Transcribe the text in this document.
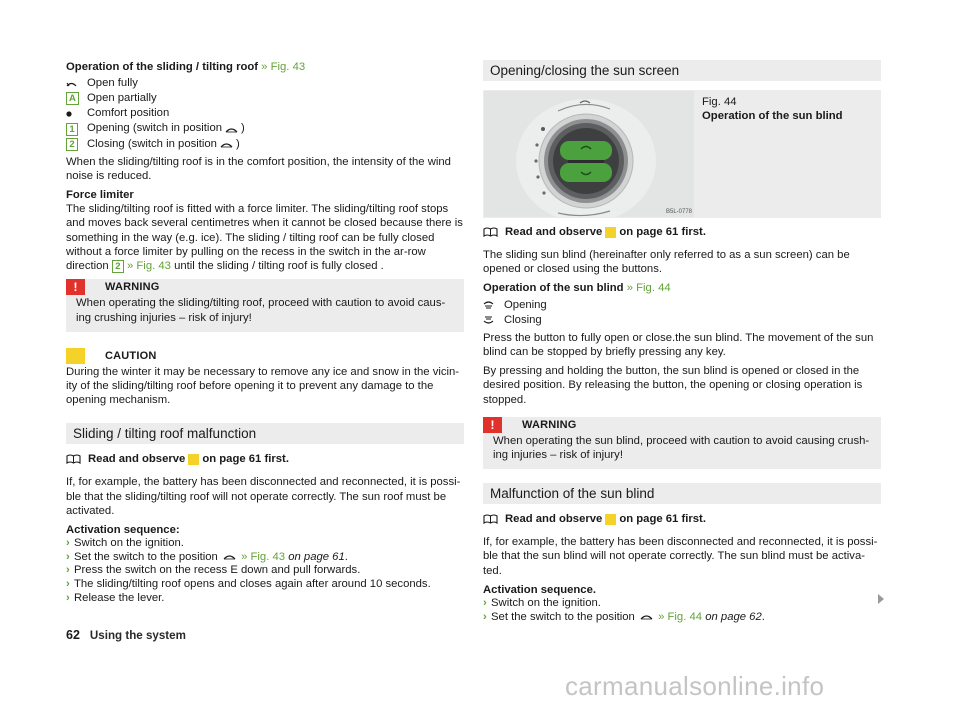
Operation of the sliding / tilting roof » Fig. 43

Open fully
A Open partially
Comfort position
1 Opening (switch in position )
2 Closing (switch in position )

When the sliding/tilting roof is in the comfort position, the intensity of the wind noise is reduced.

Force limiter
The sliding/tilting roof is fitted with a force limiter. The sliding/tilting roof stops and moves back several centimetres when it cannot be closed because there is something in the way (e.g. ice). The sliding / tilting roof can be fully closed without a force limiter by pulling on the recess in the switch in the ar-row direction 2 » Fig. 43 until the sliding / tilting roof is fully closed .

!	WARNING
When operating the sliding/tilting roof, proceed with caution to avoid caus-ing crushing injuries – risk of injury!
CAUTION

During the winter it may be necessary to remove any ice and snow in the vicin-ity of the sliding/tilting roof before opening it to prevent any damage to the opening mechanism.

Sliding / tilting roof malfunction
Read and observe on page 61 first.

If, for example, the battery has been disconnected and reconnected, it is possi-ble that the sliding/tilting roof will not operate correctly. The sun roof must be activated.

Activation sequence:

› Switch on the ignition.
› Set the switch to the position » Fig. 43 on page 61.
› Press the switch on the recess E down and pull forwards.
› The sliding/tilting roof opens and closes again after around 10 seconds.
› Release the lever.
Opening/closing the sun screen
B5L-0778
Fig. 44
Operation of the sun blind
Read and observe on page 61 first.

The sliding sun blind (hereinafter only referred to as a sun screen) can be opened or closed using the buttons.

Operation of the sun blind » Fig. 44

Opening
Closing

Press the button to fully open or close.the sun blind. The movement of the sun blind can be stopped by briefly pressing any key.

By pressing and holding the button, the sun blind is opened or closed in the desired position. By releasing the button, the opening or closing operation is stopped.

!	WARNING
When operating the sun blind, proceed with caution to avoid causing crush-ing injuries – risk of injury!
Malfunction of the sun blind
Read and observe on page 61 first.

If, for example, the battery has been disconnected and reconnected, it is possi-ble that the sun blind will not operate correctly. The sun blind must be activa-ted.

Activation sequence.

› Switch on the ignition.
› Set the switch to the position » Fig. 44 on page 62.
62 Using the system
carmanualsonline.info
